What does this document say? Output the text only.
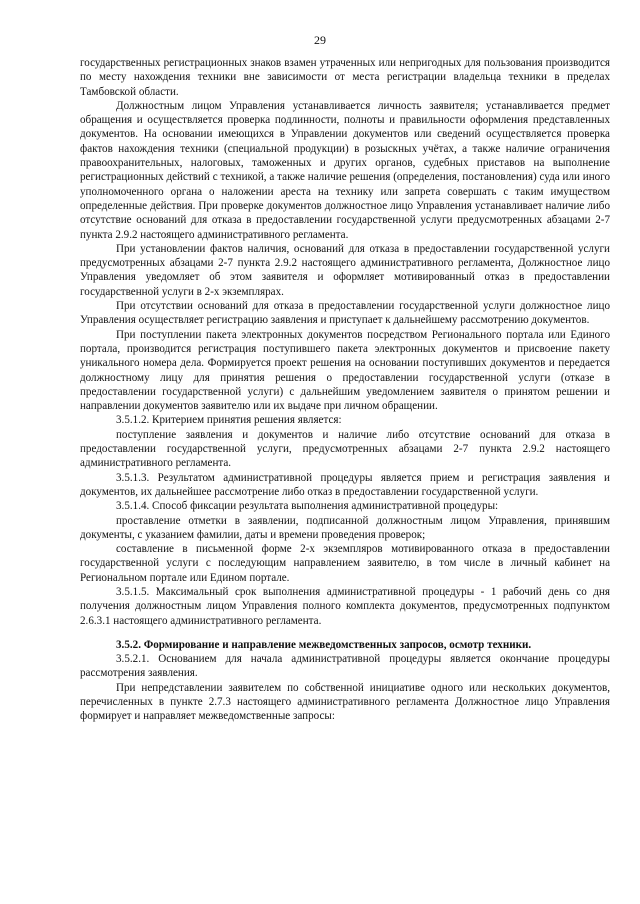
29

государственных регистрационных знаков взамен утраченных или непригодных для пользования производится по месту нахождения техники вне зависимости от места регистрации владельца техники в пределах Тамбовской области.

Должностным лицом Управления устанавливается личность заявителя; устанавливается предмет обращения и осуществляется проверка подлинности, полноты и правильности оформления представленных документов. На основании имеющихся в Управлении документов или сведений осуществляется проверка фактов нахождения техники (специальной продукции) в розыскных учётах, а также наличие ограничения правоохранительных, налоговых, таможенных и других органов, судебных приставов на выполнение регистрационных действий с техникой, а также наличие решения (определения, постановления) суда или иного уполномоченного органа о наложении ареста на технику или запрета совершать с таким имуществом определенные действия. При проверке документов должностное лицо Управления устанавливает наличие либо отсутствие оснований для отказа в предоставлении государственной услуги предусмотренных абзацами 2-7 пункта 2.9.2 настоящего административного регламента.

При установлении фактов наличия, оснований для отказа в предоставлении государственной услуги предусмотренных абзацами 2-7 пункта 2.9.2 настоящего административного регламента, Должностное лицо Управления уведомляет об этом заявителя и оформляет мотивированный отказ в предоставлении государственной услуги в 2-х экземплярах.

При отсутствии оснований для отказа в предоставлении государственной услуги должностное лицо Управления осуществляет регистрацию заявления и приступает к дальнейшему рассмотрению документов.

При поступлении пакета электронных документов посредством Регионального портала или Единого портала, производится регистрация поступившего пакета электронных документов и присвоение пакету уникального номера дела. Формируется проект решения на основании поступивших документов и передается должностному лицу для принятия решения о предоставлении государственной услуги (отказе в предоставлении государственной услуги) с дальнейшим уведомлением заявителя о принятом решении и направлении документов заявителю или их выдаче при личном обращении.

3.5.1.2. Критерием принятия решения является:

поступление заявления и документов и наличие либо отсутствие оснований для отказа в предоставлении государственной услуги, предусмотренных абзацами 2-7 пункта 2.9.2 настоящего административного регламента.

3.5.1.3. Результатом административной процедуры является прием и регистрация заявления и документов, их дальнейшее рассмотрение либо отказ в предоставлении государственной услуги.

3.5.1.4. Способ фиксации результата выполнения административной процедуры:

проставление отметки в заявлении, подписанной должностным лицом Управления, принявшим документы, с указанием фамилии, даты и времени проведения проверок;

составление в письменной форме 2-х экземпляров мотивированного отказа в предоставлении государственной услуги с последующим направлением заявителю, в том числе в личный кабинет на Региональном портале или Едином портале.

3.5.1.5. Максимальный срок выполнения административной процедуры - 1 рабочий день со дня получения должностным лицом Управления полного комплекта документов, предусмотренных подпунктом 2.6.3.1 настоящего административного регламента.

3.5.2. Формирование и направление межведомственных запросов, осмотр техники.

3.5.2.1. Основанием для начала административной процедуры является окончание процедуры рассмотрения заявления.

При непредставлении заявителем по собственной инициативе одного или нескольких документов, перечисленных в пункте 2.7.3 настоящего административного регламента Должностное лицо Управления формирует и направляет межведомственные запросы:
